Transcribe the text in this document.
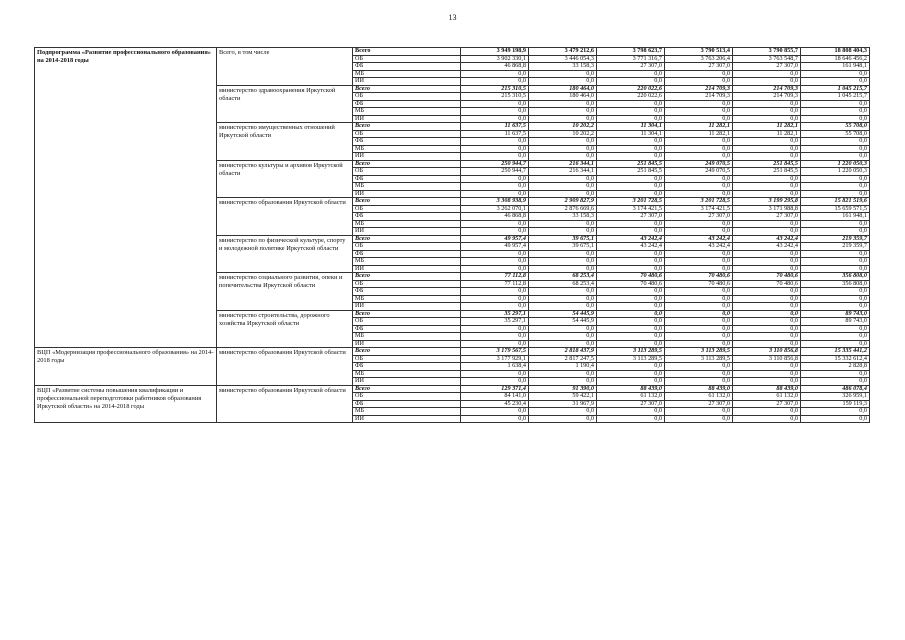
13
Подпрограмма «Развитие профессионального образования» на 2014-2018 годы	Всего, в том числе	Всего	3 949 198,9	3 479 212,6	3 798 623,7	3 790 513,4	3 790 855,7	18 808 404,3
		ОБ	3 902 330,1	3 446 054,3	3 771 316,7	3 763 206,4	3 763 548,7	18 646 456,2
		ФБ	46 868,8	33 158,3	27 307,0	27 307,0	27 307,0	161 948,1
		МБ	0,0	0,0	0,0	0,0	0,0	0,0
		ИИ	0,0	0,0	0,0	0,0	0,0	0,0
	министерство здравоохранения Иркутской области	Всего	215 310,5	180 464,0	220 022,6	214 709,3	214 709,3	1 045 215,7
		ОБ	215 310,5	180 464,0	220 022,6	214 709,3	214 709,3	1 045 215,7
		ФБ	0,0	0,0	0,0	0,0	0,0	0,0
		МБ	0,0	0,0	0,0	0,0	0,0	0,0
		ИИ	0,0	0,0	0,0	0,0	0,0	0,0
	министерство имущественных отношений Иркутской области	Всего	11 637,5	10 202,2	11 304,1	11 282,1	11 282,1	55 708,0
		ОБ	11 637,5	10 202,2	11 304,1	11 282,1	11 282,1	55 708,0
		ФБ	0,0	0,0	0,0	0,0	0,0	0,0
		МБ	0,0	0,0	0,0	0,0	0,0	0,0
		ИИ	0,0	0,0	0,0	0,0	0,0	0,0
	министерство культуры и архивов Иркутской области	Всего	250 944,7	216 344,1	251 845,5	249 070,5	251 845,5	1 220 050,3
		ОБ	250 944,7	216 344,1	251 845,5	249 070,5	251 845,5	1 220 050,3
		ФБ	0,0	0,0	0,0	0,0	0,0	0,0
		МБ	0,0	0,0	0,0	0,0	0,0	0,0
		ИИ	0,0	0,0	0,0	0,0	0,0	0,0
	министерство образования Иркутской области	Всего	3 308 938,9	2 909 827,9	3 201 728,5	3 201 728,5	3 199 295,8	15 821 519,6
		ОБ	3 262 070,1	2 876 669,6	3 174 421,5	3 174 421,5	3 171 988,8	15 659 571,5
		ФБ	46 868,8	33 158,3	27 307,0	27 307,0	27 307,0	161 948,1
		МБ	0,0	0,0	0,0	0,0	0,0	0,0
		ИИ	0,0	0,0	0,0	0,0	0,0	0,0
	министерство по физической культуре, спорту и молодежной политике Иркутской области	Всего	49 957,4	39 675,1	43 242,4	43 242,4	43 242,4	219 359,7
		ОБ	49 957,4	39 675,1	43 242,4	43 242,4	43 242,4	219 359,7
		ФБ	0,0	0,0	0,0	0,0	0,0	0,0
		МБ	0,0	0,0	0,0	0,0	0,0	0,0
		ИИ	0,0	0,0	0,0	0,0	0,0	0,0
	министерство социального развития, опеки и попечительства Иркутской области	Всего	77 112,8	68 253,4	70 480,6	70 480,6	70 480,6	356 808,0
		ОБ	77 112,8	68 253,4	70 480,6	70 480,6	70 480,6	356 808,0
		ФБ	0,0	0,0	0,0	0,0	0,0	0,0
		МБ	0,0	0,0	0,0	0,0	0,0	0,0
		ИИ	0,0	0,0	0,0	0,0	0,0	0,0
	министерство строительства, дорожного хозяйства Иркутской области	Всего	35 297,1	54 445,9	0,0	0,0	0,0	89 743,0
		ОБ	35 297,1	54 445,9	0,0	0,0	0,0	89 743,0
		ФБ	0,0	0,0	0,0	0,0	0,0	0,0
		МБ	0,0	0,0	0,0	0,0	0,0	0,0
		ИИ	0,0	0,0	0,0	0,0	0,0	0,0
ВЦП «Модернизация профессионального образования» на 2014-2018 годы	министерство образования Иркутской области	Всего	3 179 567,5	2 818 437,9	3 113 289,5	3 113 289,5	3 110 856,8	15 335 441,2
		ОБ	3 177 929,1	2 817 247,5	3 113 289,5	3 113 289,5	3 110 856,8	15 332 612,4
		ФБ	1 638,4	1 190,4	0,0	0,0	0,0	2 828,8
		МБ	0,0	0,0	0,0	0,0	0,0	0,0
		ИИ	0,0	0,0	0,0	0,0	0,0	0,0
ВЦП «Развитие системы повышения квалификации и профессиональной переподготовки работников образования Иркутской области» на 2014-2018 годы	министерство образования Иркутской области	Всего	129 371,4	91 390,0	88 439,0	88 439,0	88 439,0	486 078,4
		ОБ	84 141,0	59 422,1	61 132,0	61 132,0	61 132,0	326 959,1
		ФБ	45 230,4	31 967,9	27 307,0	27 307,0	27 307,0	159 119,3
		МБ	0,0	0,0	0,0	0,0	0,0	0,0
		ИИ	0,0	0,0	0,0	0,0	0,0	0,0
